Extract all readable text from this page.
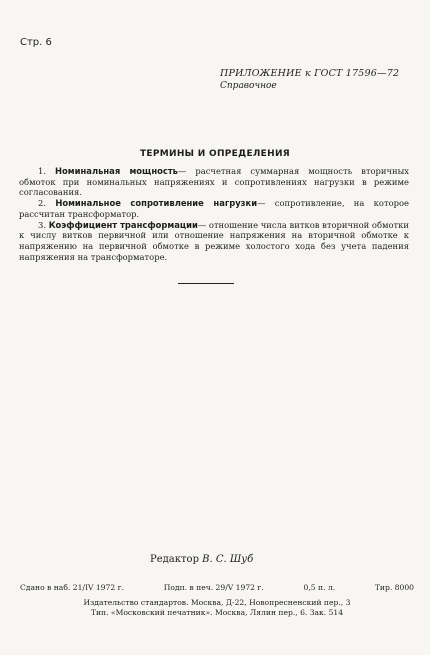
Стр. 6
ПРИЛОЖЕНИЕ к ГОСТ 17596—72
Справочное
ТЕРМИНЫ И ОПРЕДЕЛЕНИЯ

1. Номинальная мощность— расчетная суммарная мощность вторичных обмоток при номинальных напряжениях и сопротивлениях нагрузки в режиме согласования.

2. Номинальное сопротивление нагрузки— сопротивление, на которое рассчитан трансформатор.

3. Коэффициент трансформации— отношение числа витков вторичной обмотки к числу витков первичной или отношение напряжения на вторичной обмотке к напряжению на первичной обмотке в режиме холостого хода без учета падения напряжения на трансформаторе.

Редактор В. С. Шуб
Сдано в наб. 21/IV 1972 г.	Подп. в печ. 29/V 1972 г.	0,5 п. л.	Тир. 8000
Издательство стандартов. Москва, Д-22, Новопресненский пер., 3
Тип. «Московский печатник». Москва, Лялин пер., 6. Зак. 514
